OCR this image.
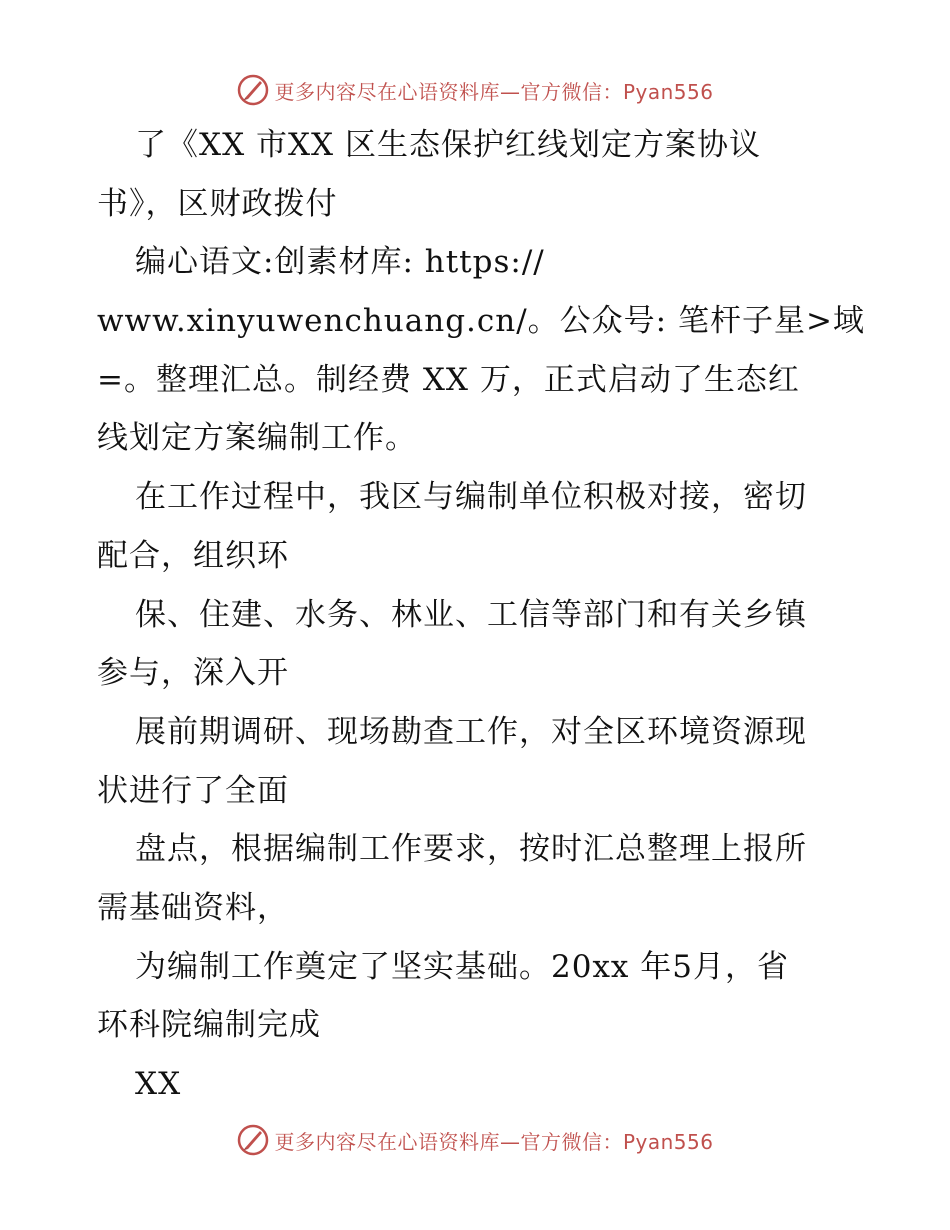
更多内容尽在心语资料库—官方微信：Pyan556
了《XX 市XX 区生态保护红线划定方案协议
书》，区财政拨付
编心语文:创素材库: https://
www.xinyuwenchuang.cn/。公众号: 笔杆子星>域
=。整理汇总。制经费 XX 万，正式启动了生态红
线划定方案编制工作。
在工作过程中，我区与编制单位积极对接，密切
配合，组织环
保、住建、水务、林业、工信等部门和有关乡镇
参与，深入开
展前期调研、现场勘查工作，对全区环境资源现
状进行了全面
盘点，根据编制工作要求，按时汇总整理上报所
需基础资料，
为编制工作奠定了坚实基础。20xx 年5月，省
环科院编制完成
XX
更多内容尽在心语资料库—官方微信：Pyan556
